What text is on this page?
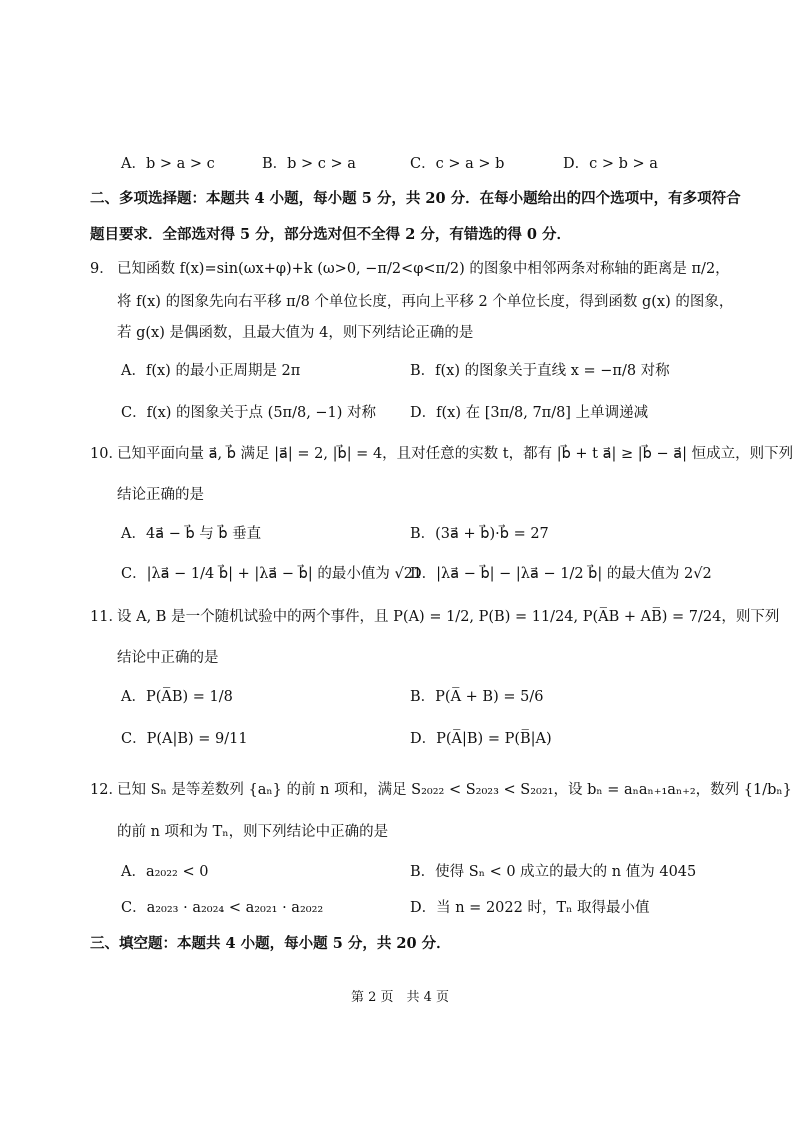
A．b > a > c	B．b > c > a	C．c > a > b	D．c > b > a
二、多项选择题：本题共 4 小题，每小题 5 分，共 20 分．在每小题给出的四个选项中，有多项符合
题目要求．全部选对得 5 分，部分选对但不全得 2 分，有错选的得 0 分．
9． 已知函数 f(x)=sin(ωx+φ)+k (ω>0, −π/2<φ<π/2) 的图象中相邻两条对称轴的距离是 π/2，
将 f(x) 的图象先向右平移 π/8 个单位长度，再向上平移 2 个单位长度，得到函数 g(x) 的图象，
若 g(x) 是偶函数，且最大值为 4，则下列结论正确的是
A．f(x) 的最小正周期是 2π	B．f(x) 的图象关于直线 x = −π/8 对称
C．f(x) 的图象关于点 (5π/8, −1) 对称 D．f(x) 在 [3π/8, 7π/8] 上单调递减
10．
已知平面向量 a⃗, b⃗ 满足 |a⃗| = 2, |b⃗| = 4，且对任意的实数 t，都有 |b⃗ + t a⃗| ≥ |b⃗ − a⃗| 恒成立，则下列
结论正确的是
A．4a⃗ − b⃗ 与 b⃗ 垂直	B．(3a⃗ + b⃗)·b⃗ = 27
C．|λa⃗ − 1/4 b⃗| + |λa⃗ − b⃗| 的最小值为 √21
D．|λa⃗ − b⃗| − |λa⃗ − 1/2 b⃗| 的最大值为 2√2
11．
设 A, B 是一个随机试验中的两个事件，且 P(A) = 1/2, P(B) = 11/24, P(A̅B + AB̅) = 7/24，则下列
结论中正确的是
A．P(A̅B) = 1/8	B．P(A̅ + B) = 5/6
C．P(A|B) = 9/11	D．P(A̅|B) = P(B̅|A)
12．
已知 Sₙ 是等差数列 {aₙ} 的前 n 项和，满足 S₂₀₂₂ < S₂₀₂₃ < S₂₀₂₁，设 bₙ = aₙaₙ₊₁aₙ₊₂，数列 {1/bₙ}
的前 n 项和为 Tₙ，则下列结论中正确的是
A．a₂₀₂₂ < 0	B．使得 Sₙ < 0 成立的最大的 n 值为 4045
C．a₂₀₂₃ · a₂₀₂₄ < a₂₀₂₁ · a₂₀₂₂	D．当 n = 2022 时，Tₙ 取得最小值
三、填空题：本题共 4 小题，每小题 5 分，共 20 分．
第 2 页　共 4 页
